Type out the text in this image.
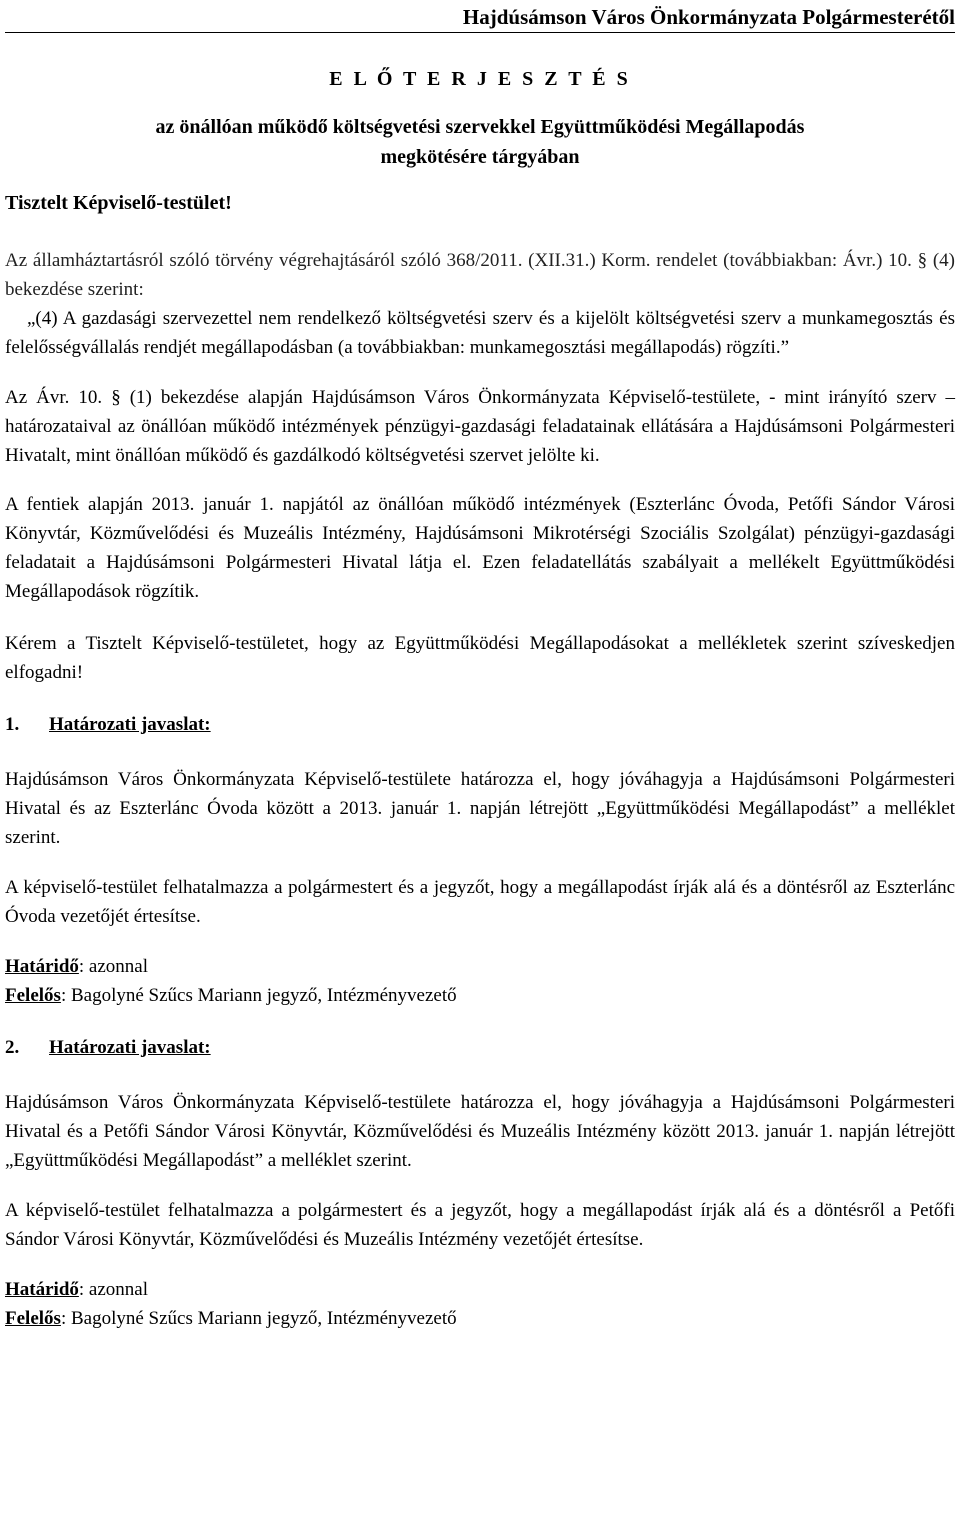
Hajdúsámson Város Önkormányzata Polgármesterétől
E L Ő T E R J E S Z T É S
az önállóan működő költségvetési szervekkel Együttműködési Megállapodás
megkötésére tárgyában
Tisztelt Képviselő-testület!

Az államháztartásról szóló törvény végrehajtásáról szóló 368/2011. (XII.31.) Korm. rendelet (továbbiakban: Ávr.) 10. § (4) bekezdése szerint:

„(4) A gazdasági szervezettel nem rendelkező költségvetési szerv és a kijelölt költségvetési szerv a munkamegosztás és felelősségvállalás rendjét megállapodásban (a továbbiakban: munkamegosztási megállapodás) rögzíti.”

Az Ávr. 10. § (1) bekezdése alapján Hajdúsámson Város Önkormányzata Képviselő-testülete, - mint irányító szerv – határozataival az önállóan működő intézmények pénzügyi-gazdasági feladatainak ellátására a Hajdúsámsoni Polgármesteri Hivatalt, mint önállóan működő és gazdálkodó költségvetési szervet jelölte ki.

A fentiek alapján 2013. január 1. napjától az önállóan működő intézmények (Eszterlánc Óvoda, Petőfi Sándor Városi Könyvtár, Közművelődési és Muzeális Intézmény, Hajdúsámsoni Mikrotérségi Szociális Szolgálat) pénzügyi-gazdasági feladatait a Hajdúsámsoni Polgármesteri Hivatal látja el. Ezen feladatellátás szabályait a mellékelt Együttműködési Megállapodások rögzítik.

Kérem a Tisztelt Képviselő-testületet, hogy az Együttműködési Megállapodásokat a mellékletek szerint szíveskedjen elfogadni!

1. Határozati javaslat:

Hajdúsámson Város Önkormányzata Képviselő-testülete határozza el, hogy jóváhagyja a Hajdúsámsoni Polgármesteri Hivatal és az Eszterlánc Óvoda között a 2013. január 1. napján létrejött „Együttműködési Megállapodást” a melléklet szerint.

A képviselő-testület felhatalmazza a polgármestert és a jegyzőt, hogy a megállapodást írják alá és a döntésről az Eszterlánc Óvoda vezetőjét értesítse.

Határidő: azonnal

Felelős: Bagolyné Szűcs Mariann jegyző, Intézményvezető

2. Határozati javaslat:

Hajdúsámson Város Önkormányzata Képviselő-testülete határozza el, hogy jóváhagyja a Hajdúsámsoni Polgármesteri Hivatal és a Petőfi Sándor Városi Könyvtár, Közművelődési és Muzeális Intézmény között 2013. január 1. napján létrejött „Együttműködési Megállapodást” a melléklet szerint.

A képviselő-testület felhatalmazza a polgármestert és a jegyzőt, hogy a megállapodást írják alá és a döntésről a Petőfi Sándor Városi Könyvtár, Közművelődési és Muzeális Intézmény vezetőjét értesítse.

Határidő: azonnal

Felelős: Bagolyné Szűcs Mariann jegyző, Intézményvezető
